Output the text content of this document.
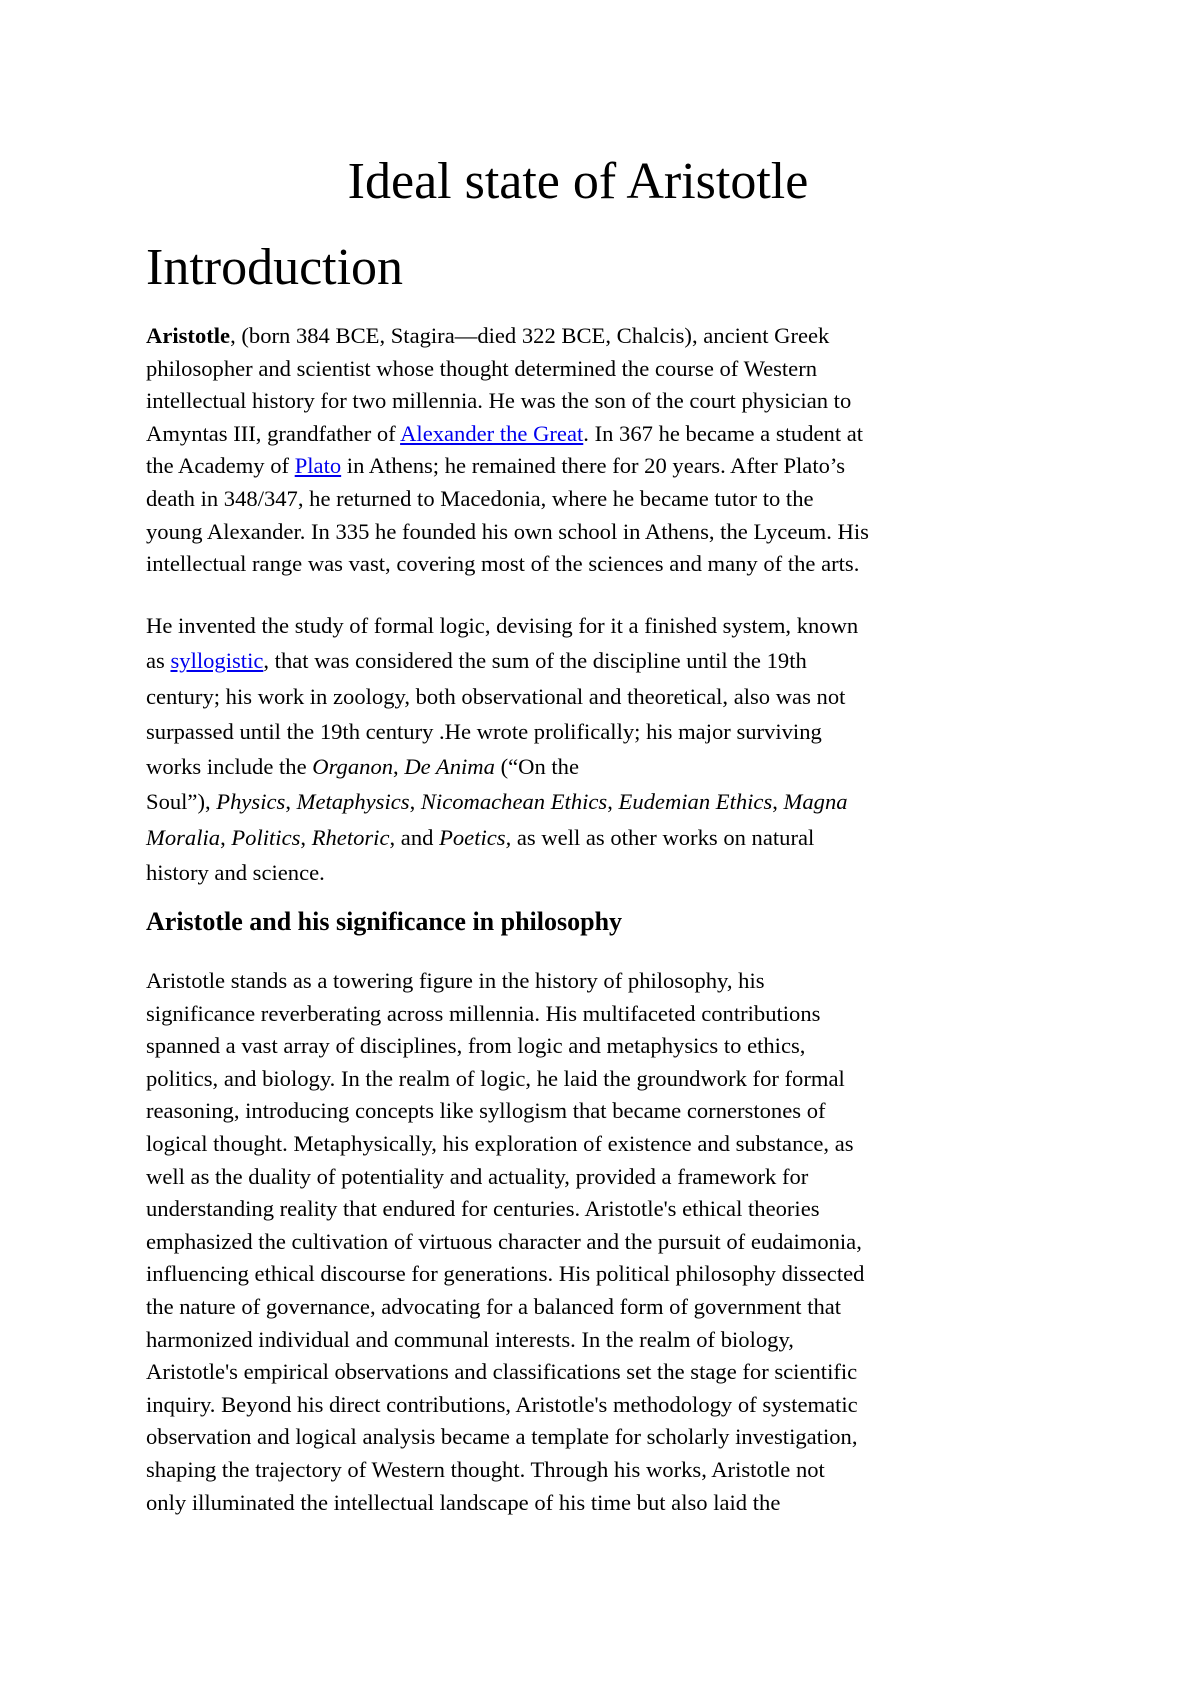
Ideal state of Aristotle
Introduction

Aristotle, (born 384 BCE, Stagira—died 322 BCE, Chalcis), ancient Greek
philosopher and scientist whose thought determined the course of Western
intellectual history for two millennia. He was the son of the court physician to
Amyntas III, grandfather of Alexander the Great. In 367 he became a student at
the Academy of Plato in Athens; he remained there for 20 years. After Plato’s
death in 348/347, he returned to Macedonia, where he became tutor to the
young Alexander. In 335 he founded his own school in Athens, the Lyceum. His
intellectual range was vast, covering most of the sciences and many of the arts.

He invented the study of formal logic, devising for it a finished system, known
as syllogistic, that was considered the sum of the discipline until the 19th
century; his work in zoology, both observational and theoretical, also was not
surpassed until the 19th century .He wrote prolifically; his major surviving
works include the Organon, De Anima (“On the
Soul”), Physics, Metaphysics, Nicomachean Ethics, Eudemian Ethics, Magna
Moralia, Politics, Rhetoric, and Poetics, as well as other works on natural
history and science.

Aristotle and his significance in philosophy

Aristotle stands as a towering figure in the history of philosophy, his
significance reverberating across millennia. His multifaceted contributions
spanned a vast array of disciplines, from logic and metaphysics to ethics,
politics, and biology. In the realm of logic, he laid the groundwork for formal
reasoning, introducing concepts like syllogism that became cornerstones of
logical thought. Metaphysically, his exploration of existence and substance, as
well as the duality of potentiality and actuality, provided a framework for
understanding reality that endured for centuries. Aristotle's ethical theories
emphasized the cultivation of virtuous character and the pursuit of eudaimonia,
influencing ethical discourse for generations. His political philosophy dissected
the nature of governance, advocating for a balanced form of government that
harmonized individual and communal interests. In the realm of biology,
Aristotle's empirical observations and classifications set the stage for scientific
inquiry. Beyond his direct contributions, Aristotle's methodology of systematic
observation and logical analysis became a template for scholarly investigation,
shaping the trajectory of Western thought. Through his works, Aristotle not
only illuminated the intellectual landscape of his time but also laid the
